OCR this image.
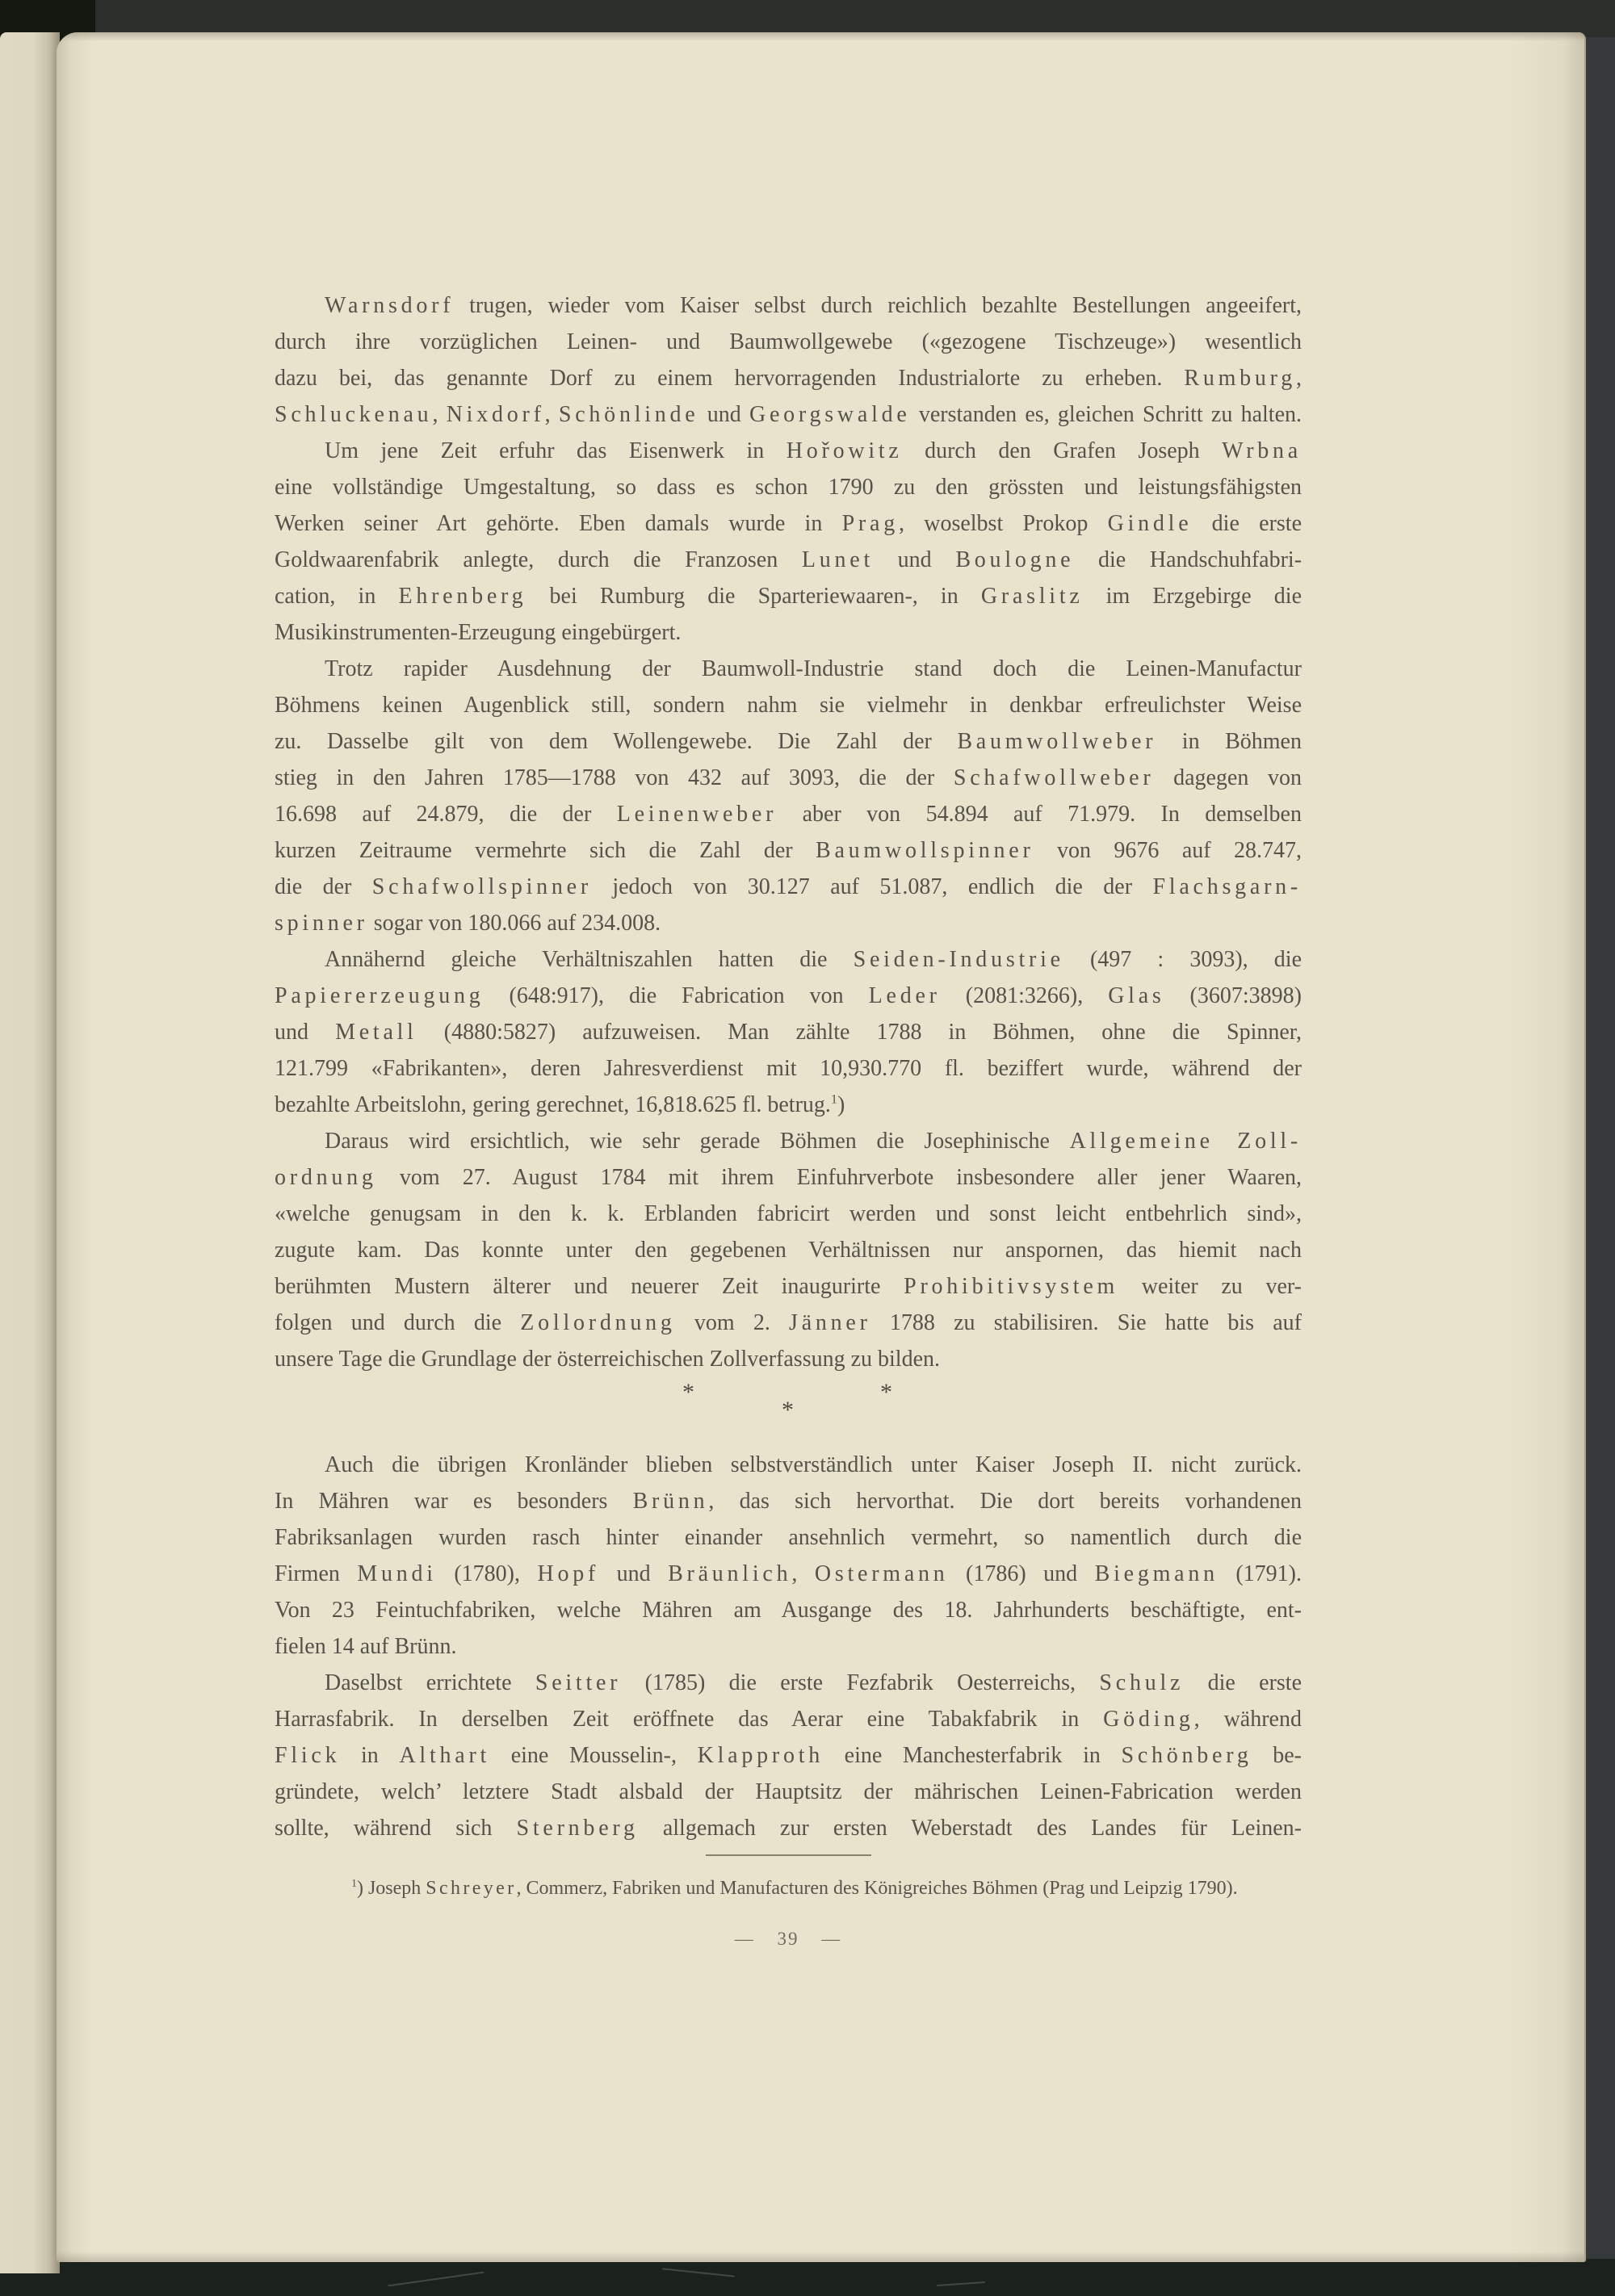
Warnsdorf trugen, wieder vom Kaiser selbst durch reichlich bezahlte Bestellungen angeeifert,
durch ihre vorzüglichen Leinen- und Baumwollgewebe («gezogene Tischzeuge») wesentlich
dazu bei, das genannte Dorf zu einem hervorragenden Industrialorte zu erheben. Rumburg,
Schluckenau, Nixdorf, Schönlinde und Georgswalde verstanden es, gleichen Schritt zu halten.
Um jene Zeit erfuhr das Eisenwerk in Hořowitz durch den Grafen Joseph Wrbna
eine vollständige Umgestaltung, so dass es schon 1790 zu den grössten und leistungsfähigsten
Werken seiner Art gehörte. Eben damals wurde in Prag, woselbst Prokop Gindle die erste
Goldwaarenfabrik anlegte, durch die Franzosen Lunet und Boulogne die Handschuhfabri-
cation, in Ehrenberg bei Rumburg die Sparteriewaaren-, in Graslitz im Erzgebirge die
Musikinstrumenten-Erzeugung eingebürgert.
Trotz rapider Ausdehnung der Baumwoll-Industrie stand doch die Leinen-Manufactur
Böhmens keinen Augenblick still, sondern nahm sie vielmehr in denkbar erfreulichster Weise
zu. Dasselbe gilt von dem Wollengewebe. Die Zahl der Baumwollweber in Böhmen
stieg in den Jahren 1785—1788 von 432 auf 3093, die der Schafwollweber dagegen von
16.698 auf 24.879, die der Leinenweber aber von 54.894 auf 71.979. In demselben
kurzen Zeitraume vermehrte sich die Zahl der Baumwollspinner von 9676 auf 28.747,
die der Schafwollspinner jedoch von 30.127 auf 51.087, endlich die der Flachsgarn-
spinner sogar von 180.066 auf 234.008.
Annähernd gleiche Verhältniszahlen hatten die Seiden-Industrie (497 : 3093), die
Papiererzeugung (648:917), die Fabrication von Leder (2081:3266), Glas (3607:3898)
und Metall (4880:5827) aufzuweisen. Man zählte 1788 in Böhmen, ohne die Spinner,
121.799 «Fabrikanten», deren Jahresverdienst mit 10,930.770 fl. beziffert wurde, während der
bezahlte Arbeitslohn, gering gerechnet, 16,818.625 fl. betrug.$^1$)
Daraus wird ersichtlich, wie sehr gerade Böhmen die Josephinische Allgemeine Zoll-
ordnung vom 27. August 1784 mit ihrem Einfuhrverbote insbesondere aller jener Waaren,
«welche genugsam in den k. k. Erblanden fabricirt werden und sonst leicht entbehrlich sind»,
zugute kam. Das konnte unter den gegebenen Verhältnissen nur anspornen, das hiemit nach
berühmten Mustern älterer und neuerer Zeit inaugurirte Prohibitivsystem weiter zu ver-
folgen und durch die Zollordnung vom 2. Jänner 1788 zu stabilisiren. Sie hatte bis auf
unsere Tage die Grundlage der österreichischen Zollverfassung zu bilden.
*	*
*
Auch die übrigen Kronländer blieben selbstverständlich unter Kaiser Joseph II. nicht zurück.
In Mähren war es besonders Brünn, das sich hervorthat. Die dort bereits vorhandenen
Fabriksanlagen wurden rasch hinter einander ansehnlich vermehrt, so namentlich durch die
Firmen Mundi (1780), Hopf und Bräunlich, Ostermann (1786) und Biegmann (1791).
Von 23 Feintuchfabriken, welche Mähren am Ausgange des 18. Jahrhunderts beschäftigte, ent-
fielen 14 auf Brünn.
Daselbst errichtete Seitter (1785) die erste Fezfabrik Oesterreichs, Schulz die erste
Harrasfabrik. In derselben Zeit eröffnete das Aerar eine Tabakfabrik in Göding, während
Flick in Althart eine Mousselin-, Klapproth eine Manchesterfabrik in Schönberg be-
gründete, welch’ letztere Stadt alsbald der Hauptsitz der mährischen Leinen-Fabrication werden
sollte, während sich Sternberg allgemach zur ersten Weberstadt des Landes für Leinen-
$^1$) Joseph Schreyer, Commerz, Fabriken und Manufacturen des Königreiches Böhmen (Prag und Leipzig 1790).
— 39 —
